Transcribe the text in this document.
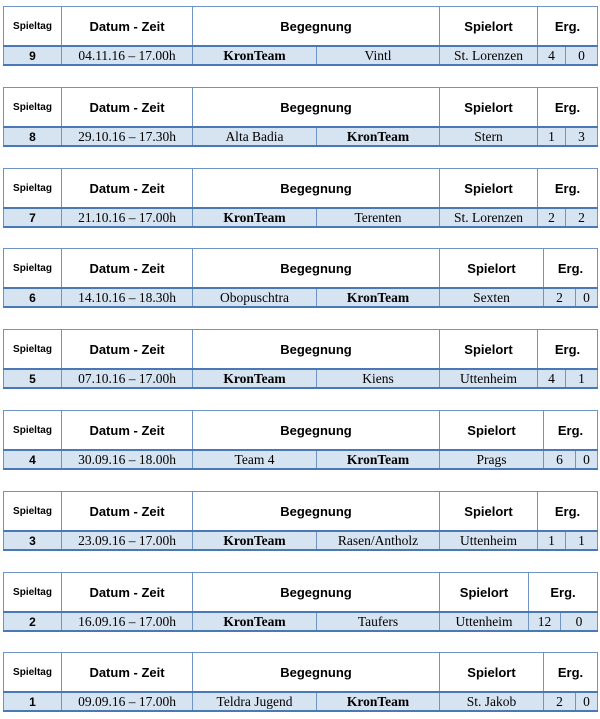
Spieltag	Datum - Zeit	Begegnung		Spielort	Erg.	
9	04.11.16 – 17.00h	KronTeam	Vintl	St. Lorenzen	4	0
Spieltag	Datum - Zeit	Begegnung		Spielort	Erg.	
8	29.10.16 – 17.30h	Alta Badia	KronTeam	Stern	1	3
Spieltag	Datum - Zeit	Begegnung		Spielort	Erg.	
7	21.10.16 – 17.00h	KronTeam	Terenten	St. Lorenzen	2	2
Spieltag	Datum - Zeit	Begegnung		Spielort	Erg.	
6	14.10.16 – 18.30h	Obopuschtra	KronTeam	Sexten	2	0
Spieltag	Datum - Zeit	Begegnung		Spielort	Erg.	
5	07.10.16 – 17.00h	KronTeam	Kiens	Uttenheim	4	1
Spieltag	Datum - Zeit	Begegnung		Spielort	Erg.	
4	30.09.16 – 18.00h	Team 4	KronTeam	Prags	6	0
Spieltag	Datum - Zeit	Begegnung		Spielort	Erg.	
3	23.09.16 – 17.00h	KronTeam	Rasen/Antholz	Uttenheim	1	1
Spieltag	Datum - Zeit	Begegnung		Spielort	Erg.	
2	16.09.16 – 17.00h	KronTeam	Taufers	Uttenheim	12	0
Spieltag	Datum - Zeit	Begegnung		Spielort	Erg.	
1	09.09.16 – 17.00h	Teldra Jugend	KronTeam	St. Jakob	2	0
